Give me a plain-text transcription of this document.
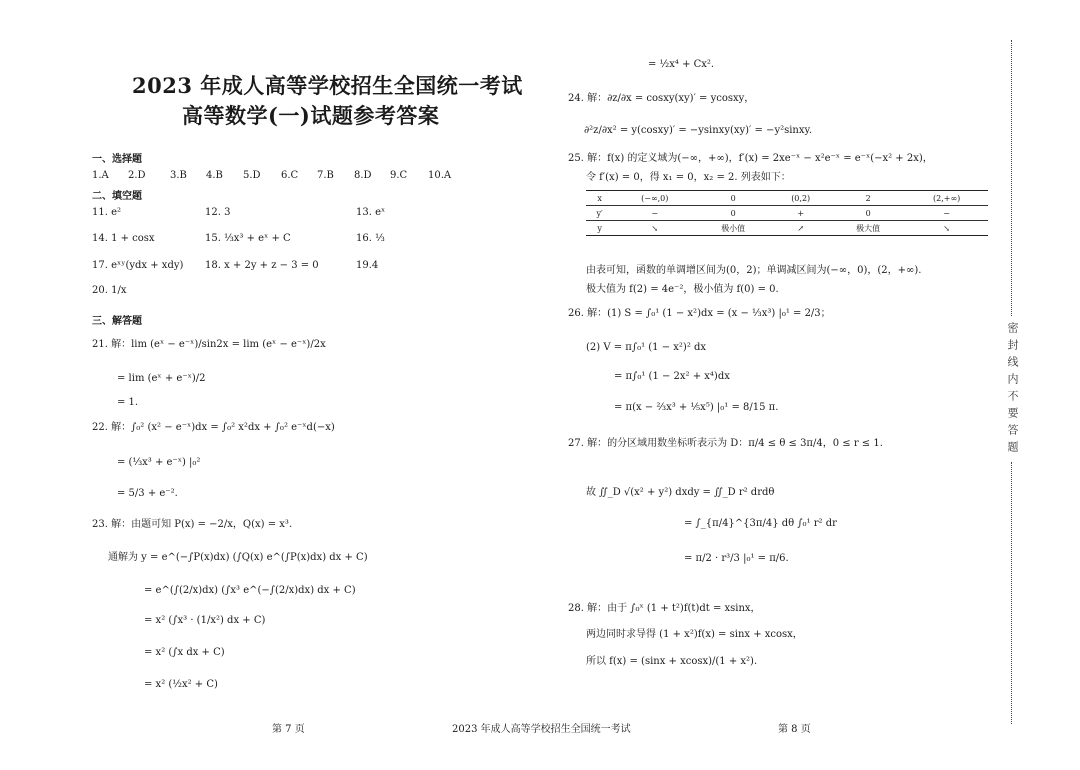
2023 年成人高等学校招生全国统一考试
高等数学(一)试题参考答案
一、选择题
1.A 2.D 3.B 4.B 5.D 6.C 7.B 8.D 9.C 10.A
二、填空题
11. e²	12. 3	13. eˣ
14. 1 + cosx	15. ⅓x³ + eˣ + C	16. ⅓
17. eˣʸ(ydx + xdy) 18. x + 2y + z − 3 = 0	19.4
20. 1/x
三、解答题
21. 解：lim (eˣ − e⁻ˣ)/sin2x = lim (eˣ − e⁻ˣ)/2x
= lim (eˣ + e⁻ˣ)/2
= 1.
22. 解：∫₀² (x² − e⁻ˣ)dx = ∫₀² x²dx + ∫₀² e⁻ˣd(−x)
= (⅓x³ + e⁻ˣ) |₀²
= 5/3 + e⁻².
23. 解：由题可知 P(x) = −2/x，Q(x) = x³.
通解为 y = e^(−∫P(x)dx) (∫Q(x) e^(∫P(x)dx) dx + C)
= e^(∫(2/x)dx) (∫x³ e^(−∫(2/x)dx) dx + C)
= x² (∫x³ · (1/x²) dx + C)
= x² (∫x dx + C)
= x² (½x² + C)
= ½x⁴ + Cx².
24. 解：∂z/∂x = cosxy(xy)′ = ycosxy，
∂²z/∂x² = y(cosxy)′ = −ysinxy(xy)′ = −y²sinxy.
25. 解：f(x) 的定义域为(−∞，+∞)，f′(x) = 2xe⁻ˣ − x²e⁻ˣ = e⁻ˣ(−x² + 2x)，
令 f′(x) = 0，得 x₁ = 0，x₂ = 2. 列表如下：
x	(−∞,0)	0	(0,2)	2	(2,+∞)
y′	−	0	+	0	−
y	↘	极小值	↗	极大值	↘
由表可知，函数的单调增区间为(0，2)；单调减区间为(−∞，0)，(2，+∞).
极大值为 f(2) = 4e⁻²，极小值为 f(0) = 0.
26. 解：(1) S = ∫₀¹ (1 − x²)dx = (x − ⅓x³) |₀¹ = 2/3；
(2) V = π∫₀¹ (1 − x²)² dx
= π∫₀¹ (1 − 2x² + x⁴)dx
= π(x − ⅔x³ + ⅕x⁵) |₀¹ = 8/15 π.
27. 解：的分区域用数坐标听表示为 D：π/4 ≤ θ ≤ 3π/4，0 ≤ r ≤ 1.
故 ∬_D √(x² + y²) dxdy = ∬_D r² drdθ
= ∫_{π/4}^{3π/4} dθ ∫₀¹ r² dr
= π/2 · r³/3 |₀¹ = π/6.
28. 解：由于 ∫₀ˣ (1 + t²)f(t)dt = xsinx，
两边同时求导得 (1 + x²)f(x) = sinx + xcosx，
所以 f(x) = (sinx + xcosx)/(1 + x²).
密封线内不要答题
第 7 页	2023 年成人高等学校招生全国统一考试	第 8 页
